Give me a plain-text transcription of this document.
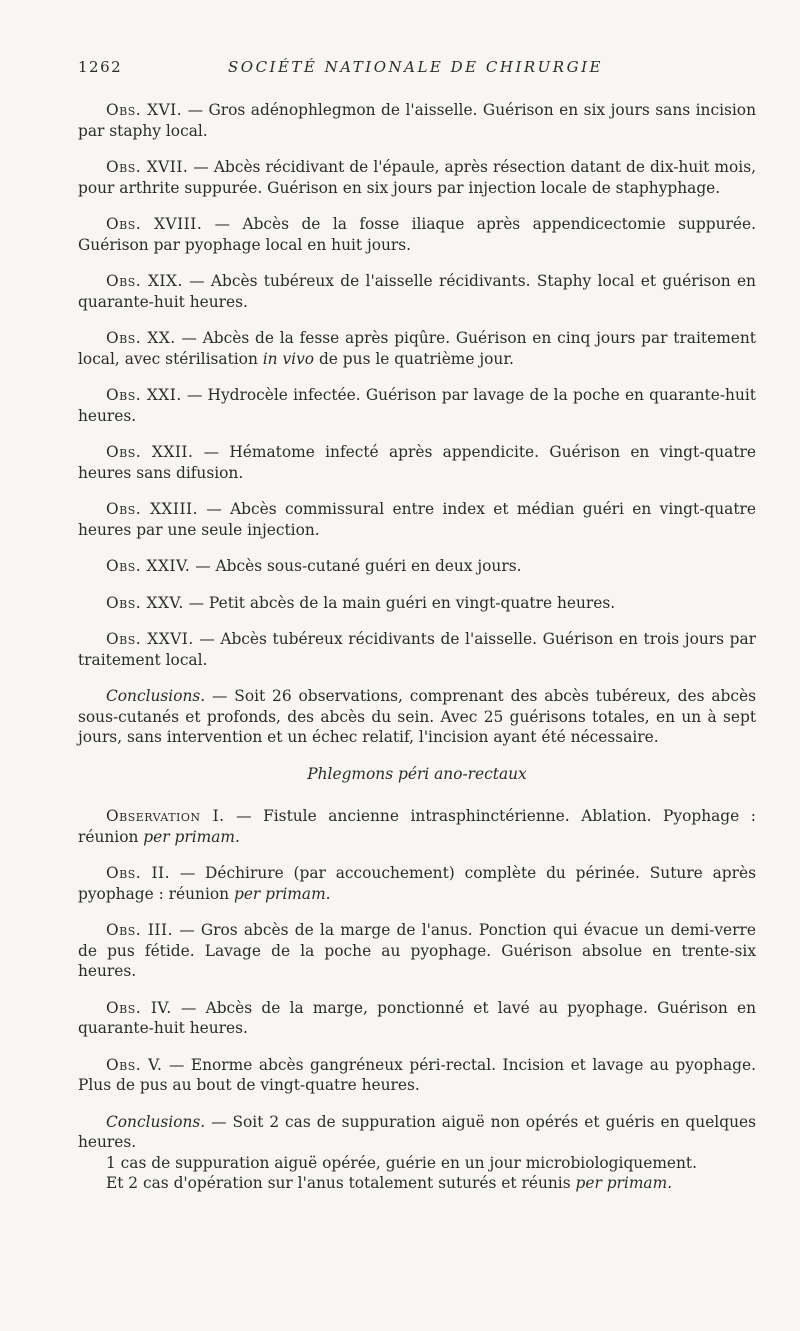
1262	SOCIÉTÉ NATIONALE DE CHIRURGIE

Obs. XVI. — Gros adénophlegmon de l'aisselle. Guérison en six jours sans incision par staphy local.

Obs. XVII. — Abcès récidivant de l'épaule, après résection datant de dix-huit mois, pour arthrite suppurée. Guérison en six jours par injection locale de staphyphage.

Obs. XVIII. — Abcès de la fosse iliaque après appendicectomie suppurée. Guérison par pyophage local en huit jours.

Obs. XIX. — Abcès tubéreux de l'aisselle récidivants. Staphy local et guérison en quarante-huit heures.

Obs. XX. — Abcès de la fesse après piqûre. Guérison en cinq jours par traitement local, avec stérilisation in vivo de pus le quatrième jour.

Obs. XXI. — Hydrocèle infectée. Guérison par lavage de la poche en quarante-huit heures.

Obs. XXII. — Hématome infecté après appendicite. Guérison en vingt-quatre heures sans difusion.

Obs. XXIII. — Abcès commissural entre index et médian guéri en vingt-quatre heures par une seule injection.

Obs. XXIV. — Abcès sous-cutané guéri en deux jours.

Obs. XXV. — Petit abcès de la main guéri en vingt-quatre heures.

Obs. XXVI. — Abcès tubéreux récidivants de l'aisselle. Guérison en trois jours par traitement local.

Conclusions. — Soit 26 observations, comprenant des abcès tubéreux, des abcès sous-cutanés et profonds, des abcès du sein. Avec 25 guérisons totales, en un à sept jours, sans intervention et un échec relatif, l'incision ayant été nécessaire.

Phlegmons péri ano-rectaux

Observation I. — Fistule ancienne intrasphinctérienne. Ablation. Pyophage : réunion per primam.

Obs. II. — Déchirure (par accouchement) complète du périnée. Suture après pyophage : réunion per primam.

Obs. III. — Gros abcès de la marge de l'anus. Ponction qui évacue un demi-verre de pus fétide. Lavage de la poche au pyophage. Guérison absolue en trente-six heures.

Obs. IV. — Abcès de la marge, ponctionné et lavé au pyophage. Guérison en quarante-huit heures.

Obs. V. — Enorme abcès gangréneux péri-rectal. Incision et lavage au pyophage. Plus de pus au bout de vingt-quatre heures.

Conclusions. — Soit 2 cas de suppuration aiguë non opérés et guéris en quelques heures.

1 cas de suppuration aiguë opérée, guérie en un jour microbiologiquement.

Et 2 cas d'opération sur l'anus totalement suturés et réunis per primam.
